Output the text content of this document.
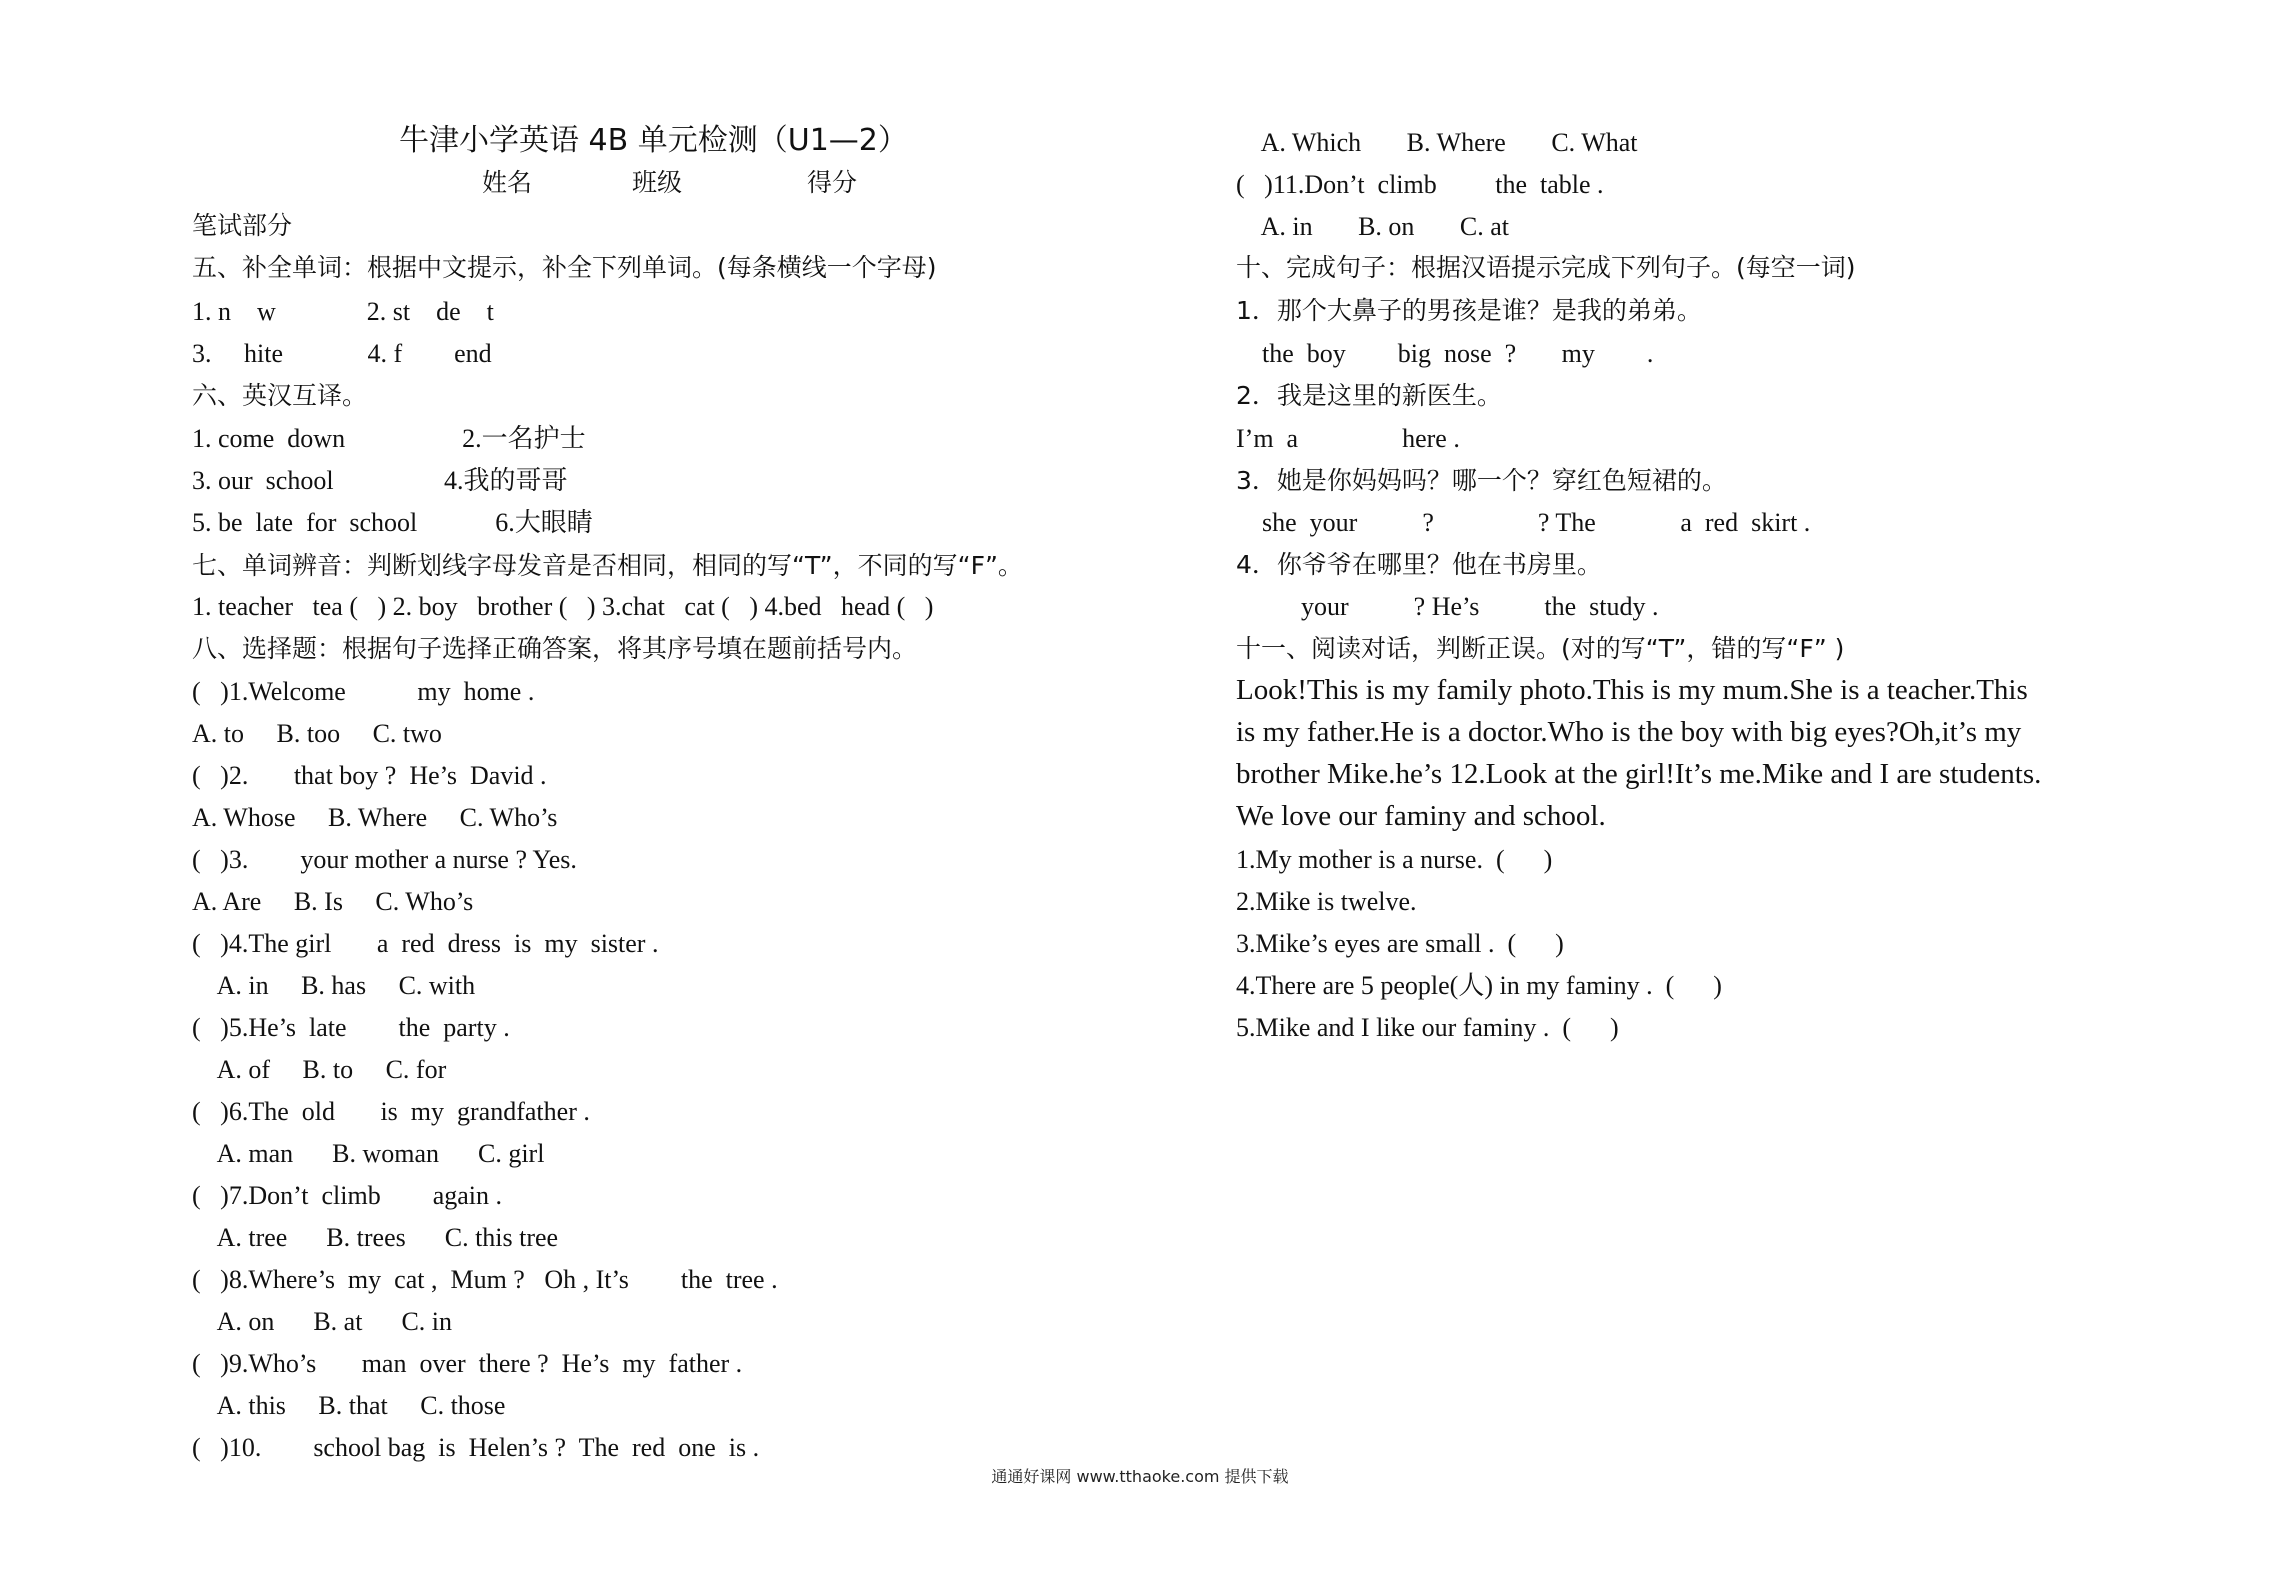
牛津小学英语 4B 单元检测（U1—2）
姓名　　　　班级　　　　　得分
笔试部分
五、补全单词：根据中文提示，补全下列单词。(每条横线一个字母)
1. n    w              2. st    de    t
3.     hite             4. f        end
六、英汉互译。
1. come  down                  2.一名护士
3. our  school                 4.我的哥哥
5. be  late  for  school            6.大眼睛
七、单词辨音：判断划线字母发音是否相同，相同的写“T”，不同的写“F”。
1. teacher   tea (   ) 2. boy   brother (   ) 3.chat   cat (   ) 4.bed   head (   )
八、选择题：根据句子选择正确答案，将其序号填在题前括号内。
(   )1.Welcome           my  home .
A. to     B. too     C. two
(   )2.       that boy ?  He’s  David .
A. Whose     B. Where     C. Who’s
(   )3.        your mother a nurse ? Yes.
A. Are     B. Is     C. Who’s
(   )4.The girl       a  red  dress  is  my  sister .
A. in     B. has     C. with
(   )5.He’s  late        the  party .
A. of     B. to     C. for
(   )6.The  old       is  my  grandfather .
A. man      B. woman      C. girl
(   )7.Don’t  climb        again .
A. tree      B. trees      C. this tree
(   )8.Where’s  my  cat ,  Mum ?   Oh , It’s        the  tree .
A. on      B. at      C. in
(   )9.Who’s       man  over  there ?  He’s  my  father .
A. this     B. that     C. those
(   )10.        school bag  is  Helen’s ?  The  red  one  is .
A. Which       B. Where       C. What
(   )11.Don’t  climb         the  table .
A. in       B. on       C. at
十、完成句子：根据汉语提示完成下列句子。(每空一词)
1．那个大鼻子的男孩是谁？是我的弟弟。
the  boy        big  nose  ?       my        .
2．我是这里的新医生。
I’m  a                here .
3．她是你妈妈吗？哪一个？穿红色短裙的。
she  your          ?                ? The             a  red  skirt .
4．你爷爷在哪里？他在书房里。
your          ? He’s          the  study .
十一、阅读对话，判断正误。(对的写“T”，错的写“F” )
Look!This is my family photo.This is my mum.She is a teacher.This
is my father.He is a doctor.Who is the boy with big eyes?Oh,it’s my
brother Mike.he’s 12.Look at the girl!It’s me.Mike and I are students.
We love our faminy and school.
1.My mother is a nurse.  (      )
2.Mike is twelve.
3.Mike’s eyes are small .  (      )
4.There are 5 people(人) in my faminy .  (      )
5.Mike and I like our faminy .  (      )
通通好课网 www.tthaoke.com 提供下载
